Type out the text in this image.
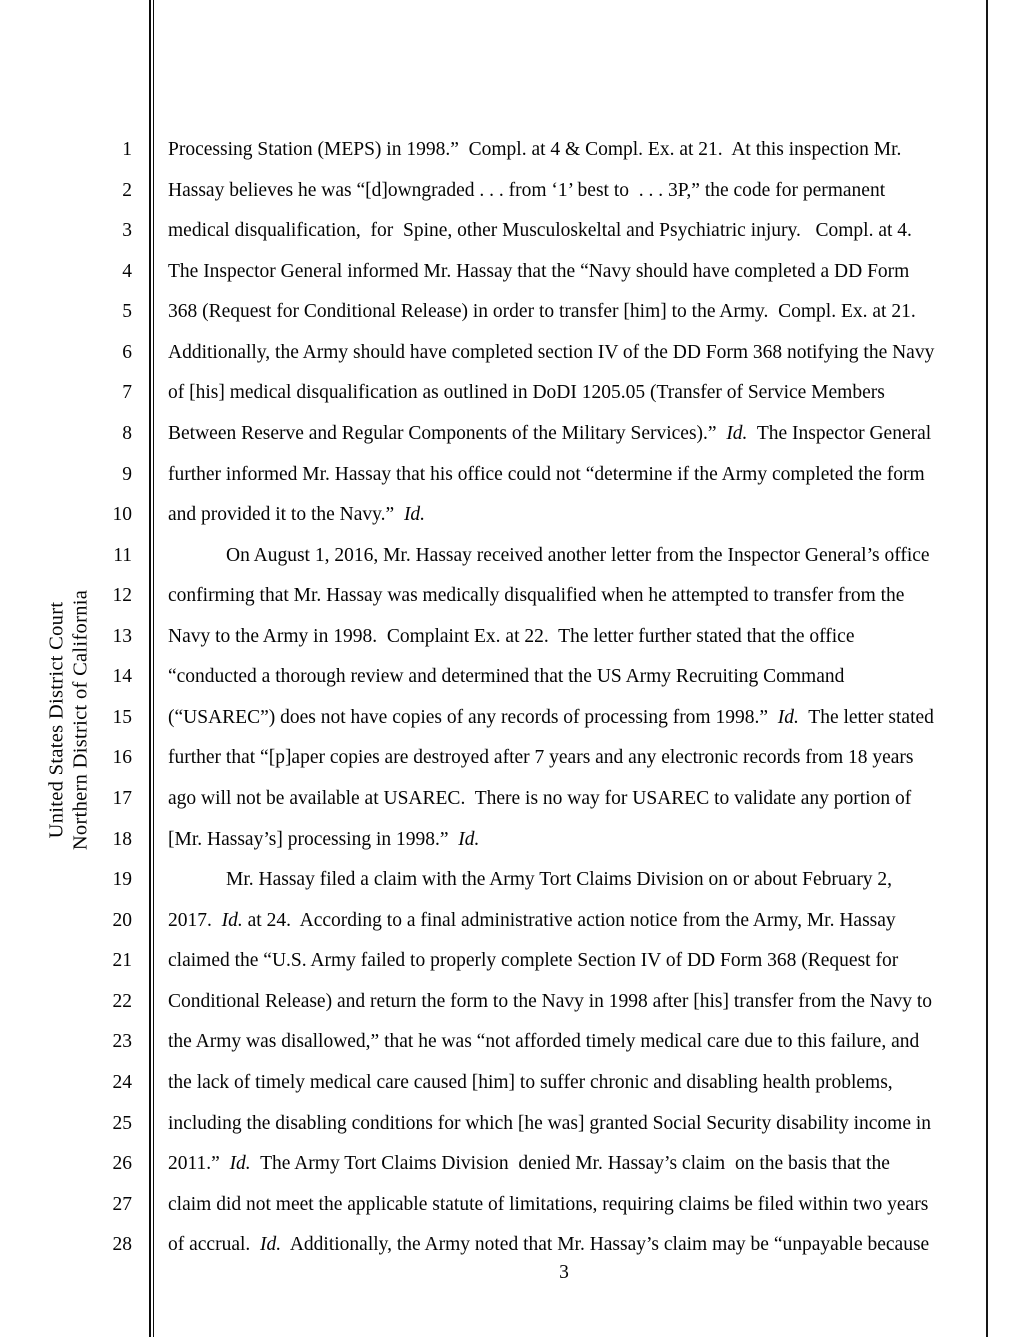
United States District Court Northern District of California
1 Processing Station (MEPS) in 1998.”  Compl. at 4 & Compl. Ex. at 21.  At this inspection Mr.
2 Hassay believes he was “[d]owngraded . . . from ‘1’ best to  . . . 3P,” the code for permanent
3 medical disqualification,  for  Spine, other Musculoskeltal and Psychiatric injury.   Compl. at 4.
4 The Inspector General informed Mr. Hassay that the “Navy should have completed a DD Form
5 368 (Request for Conditional Release) in order to transfer [him] to the Army.  Compl. Ex. at 21.
6 Additionally, the Army should have completed section IV of the DD Form 368 notifying the Navy
7 of [his] medical disqualification as outlined in DoDI 1205.05 (Transfer of Service Members
8 Between Reserve and Regular Components of the Military Services).”  Id.  The Inspector General
9 further informed Mr. Hassay that his office could not “determine if the Army completed the form
10 and provided it to the Navy.”  Id.
11	On August 1, 2016, Mr. Hassay received another letter from the Inspector General’s office
12 confirming that Mr. Hassay was medically disqualified when he attempted to transfer from the
13 Navy to the Army in 1998.  Complaint Ex. at 22.  The letter further stated that the office
14 “conducted a thorough review and determined that the US Army Recruiting Command
15 (“USAREC”) does not have copies of any records of processing from 1998.”  Id.  The letter stated
16 further that “[p]aper copies are destroyed after 7 years and any electronic records from 18 years
17 ago will not be available at USAREC.  There is no way for USAREC to validate any portion of
18 [Mr. Hassay’s] processing in 1998.”  Id.
19	Mr. Hassay filed a claim with the Army Tort Claims Division on or about February 2,
20 2017.  Id. at 24.  According to a final administrative action notice from the Army, Mr. Hassay
21 claimed the “U.S. Army failed to properly complete Section IV of DD Form 368 (Request for
22 Conditional Release) and return the form to the Navy in 1998 after [his] transfer from the Navy to
23 the Army was disallowed,” that he was “not afforded timely medical care due to this failure, and
24 the lack of timely medical care caused [him] to suffer chronic and disabling health problems,
25 including the disabling conditions for which [he was] granted Social Security disability income in
26 2011.”  Id.  The Army Tort Claims Division  denied Mr. Hassay’s claim  on the basis that the
27 claim did not meet the applicable statute of limitations, requiring claims be filed within two years
28 of accrual.  Id.  Additionally, the Army noted that Mr. Hassay’s claim may be “unpayable because
3
